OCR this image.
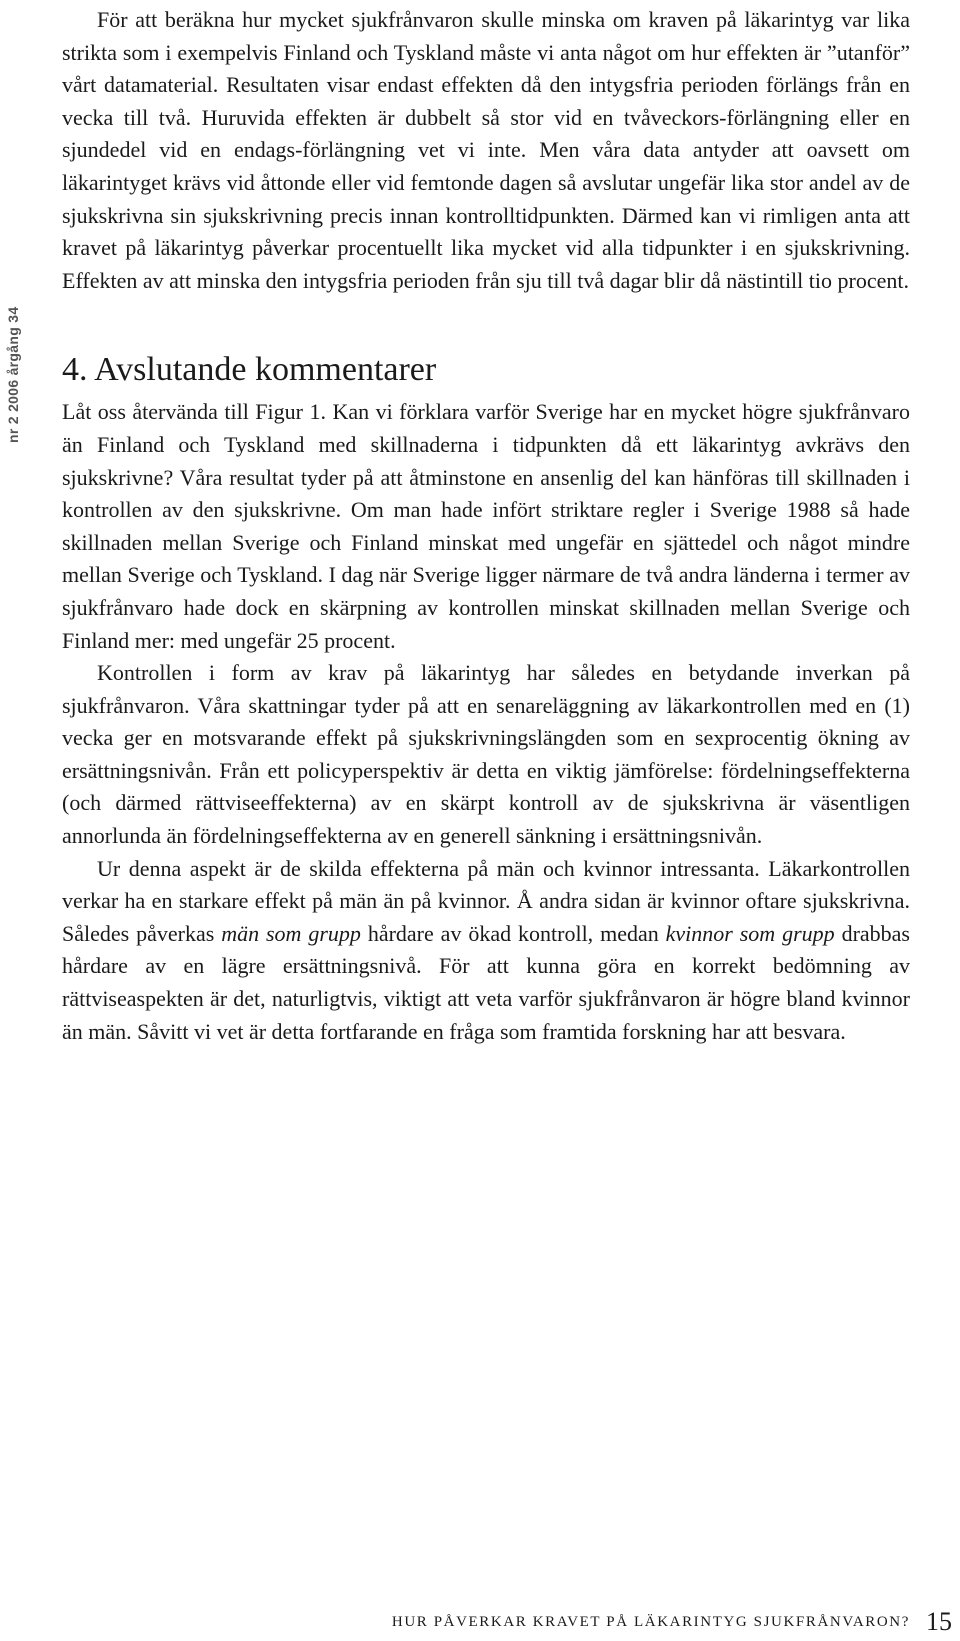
nr 2 2006 årgång 34

För att beräkna hur mycket sjukfrånvaron skulle minska om kraven på läkarintyg var lika strikta som i exempelvis Finland och Tyskland måste vi anta något om hur effekten är ”utanför” vårt datamaterial. Resultaten visar endast effekten då den intygsfria perioden förlängs från en vecka till två. Huruvida effekten är dubbelt så stor vid en tvåveckors-förlängning eller en sjundedel vid en endags-förlängning vet vi inte. Men våra data antyder att oavsett om läkarintyget krävs vid åttonde eller vid femtonde dagen så avslutar ungefär lika stor andel av de sjukskrivna sin sjukskrivning precis innan kontrolltidpunkten. Därmed kan vi rimligen anta att kravet på läkarintyg påverkar procentuellt lika mycket vid alla tidpunkter i en sjukskrivning. Effekten av att minska den intygsfria perioden från sju till två dagar blir då nästintill tio procent.

4. Avslutande kommentarer

Låt oss återvända till Figur 1. Kan vi förklara varför Sverige har en mycket högre sjukfrånvaro än Finland och Tyskland med skillnaderna i tidpunkten då ett läkarintyg avkrävs den sjukskrivne? Våra resultat tyder på att åtminstone en ansenlig del kan hänföras till skillnaden i kontrollen av den sjukskrivne. Om man hade infört striktare regler i Sverige 1988 så hade skillnaden mellan Sverige och Finland minskat med ungefär en sjättedel och något mindre mellan Sverige och Tyskland. I dag när Sverige ligger närmare de två andra länderna i termer av sjukfrånvaro hade dock en skärpning av kontrollen minskat skillnaden mellan Sverige och Finland mer: med ungefär 25 procent.

Kontrollen i form av krav på läkarintyg har således en betydande inverkan på sjukfrånvaron. Våra skattningar tyder på att en senareläggning av läkarkontrollen med en (1) vecka ger en motsvarande effekt på sjukskrivningslängden som en sexprocentig ökning av ersättningsnivån. Från ett policyperspektiv är detta en viktig jämförelse: fördelningseffekterna (och därmed rättviseeffekterna) av en skärpt kontroll av de sjukskrivna är väsentligen annorlunda än fördelningseffekterna av en generell sänkning i ersättningsnivån.

Ur denna aspekt är de skilda effekterna på män och kvinnor intressanta. Läkarkontrollen verkar ha en starkare effekt på män än på kvinnor. Å andra sidan är kvinnor oftare sjukskrivna. Således påverkas män som grupp hårdare av ökad kontroll, medan kvinnor som grupp drabbas hårdare av en lägre ersättningsnivå. För att kunna göra en korrekt bedömning av rättviseaspekten är det, naturligtvis, viktigt att veta varför sjukfrånvaron är högre bland kvinnor än män. Såvitt vi vet är detta fortfarande en fråga som framtida forskning har att besvara.

HUR PÅVERKAR KRAVET PÅ LÄKARINTYG SJUKFRÅNVARON? 15
